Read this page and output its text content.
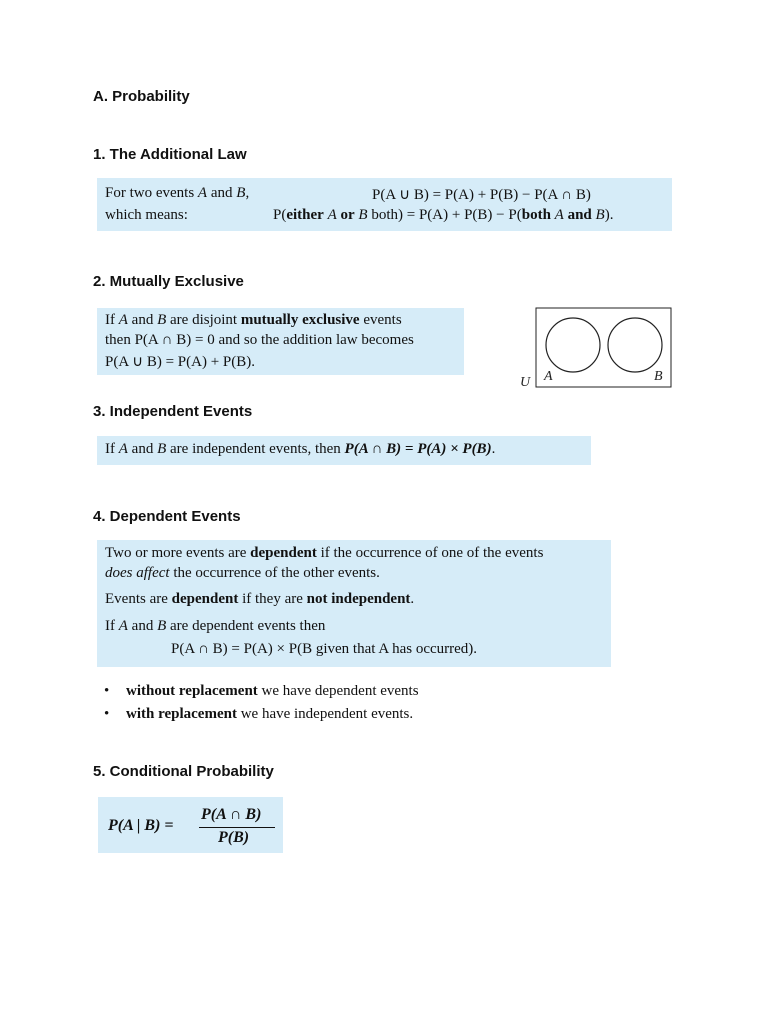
A. Probability
1. The Additional Law
For two events A and B,	P(A ∪ B) = P(A) + P(B) − P(A ∩ B)
which means:	P(either A or B both) = P(A) + P(B) − P(both A and B).
2. Mutually Exclusive
If A and B are disjoint mutually exclusive events
then P(A ∩ B) = 0 and so the addition law becomes
P(A ∪ B) = P(A) + P(B).
U A	B
3. Independent Events
If A and B are independent events, then P(A ∩ B) = P(A) × P(B).
4. Dependent Events
Two or more events are dependent if the occurrence of one of the events
does affect the occurrence of the other events.
Events are dependent if they are not independent.
If A and B are dependent events then
P(A ∩ B) = P(A) × P(B given that A has occurred).
• without replacement we have dependent events
• with replacement we have independent events.
5. Conditional Probability
P(A | B) =
P(A ∩ B)
P(B)
